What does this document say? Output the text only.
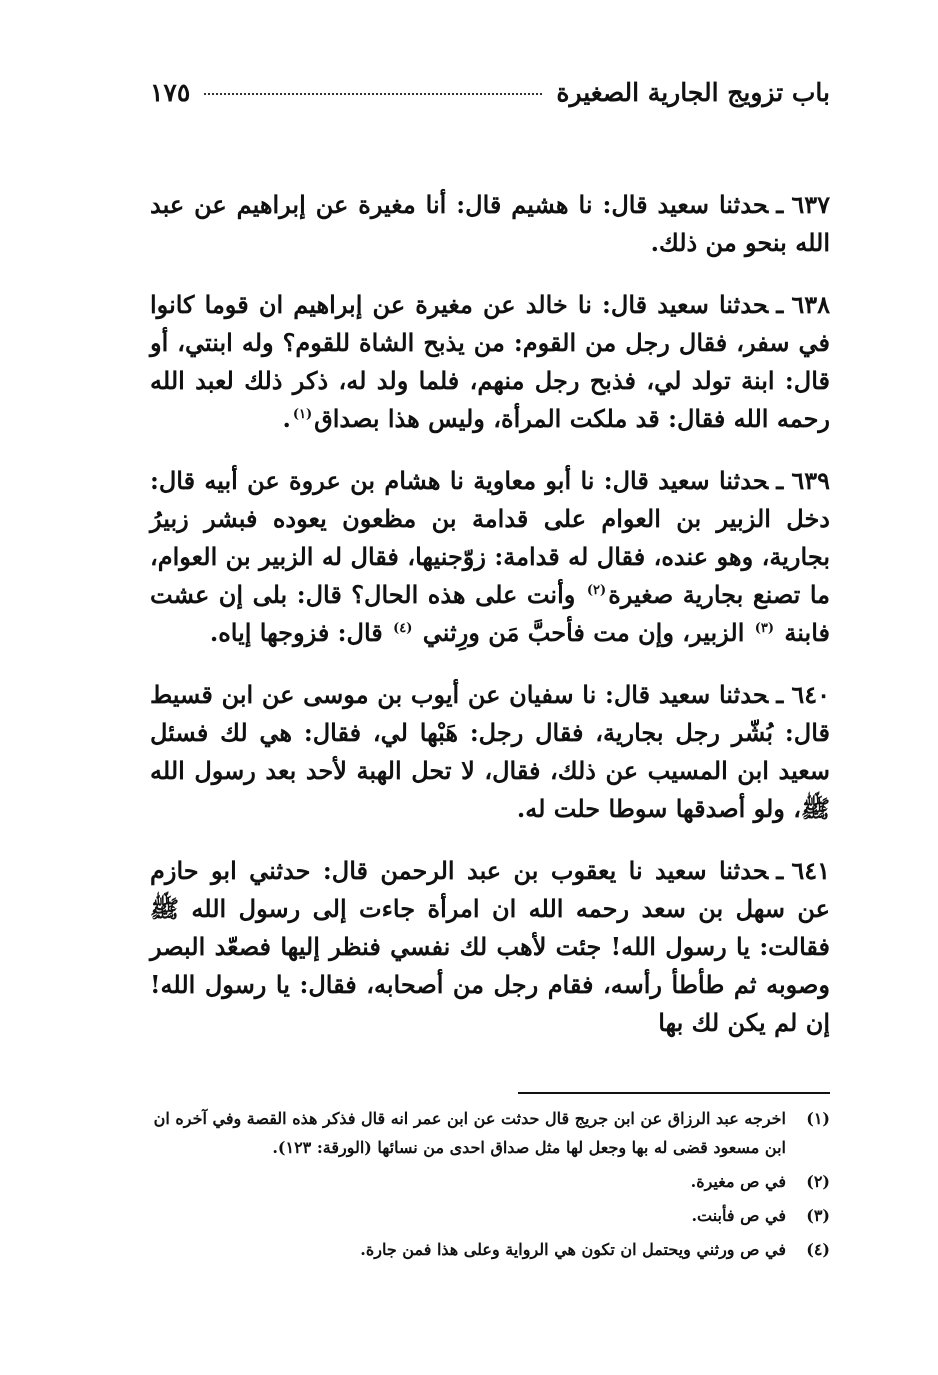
باب تزويج الجارية الصغيرة
١٧٥

٦٣٧ـحدثنا سعيد قال: نا هشيم قال: أنا مغيرة عن إبراهيم عن عبد الله بنحو من ذلك.

٦٣٨ـحدثنا سعيد قال: نا خالد عن مغيرة عن إبراهيم ان قوما كانوا في سفر، فقال رجل من القوم: من يذبح الشاة للقوم؟ وله ابنتي، أو قال: ابنة تولد لي، فذبح رجل منهم، فلما ولد له، ذكر ذلك لعبد الله رحمه الله فقال: قد ملكت المرأة، وليس هذا بصداق$^{(١)}$.

٦٣٩ـحدثنا سعيد قال: نا أبو معاوية نا هشام بن عروة عن أبيه قال: دخل الزبير بن العوام على قدامة بن مظعون يعوده فبشر زبيرُ بجارية، وهو عنده، فقال له قدامة: زوّجنيها، فقال له الزبير بن العوام، ما تصنع بجارية صغيرة$^{(٢)}$ وأنت على هذه الحال؟ قال: بلى إن عشت فابنة $^{(٣)}$ الزبير، وإن مت فأحبَّ مَن ورِثني $^{(٤)}$ قال: فزوجها إياه.

٦٤٠ـحدثنا سعيد قال: نا سفيان عن أيوب بن موسى عن ابن قسيط قال: بُشّر رجل بجارية، فقال رجل: هَبْها لي، فقال: هي لك فسئل سعيد ابن المسيب عن ذلك، فقال، لا تحل الهبة لأحد بعد رسول الله ﷺ، ولو أصدقها سوطا حلت له.

٦٤١ـحدثنا سعيد نا يعقوب بن عبد الرحمن قال: حدثني ابو حازم عن سهل بن سعد رحمه الله ان امرأة جاءت إلى رسول الله ﷺ فقالت: يا رسول الله! جئت لأهب لك نفسي فنظر إليها فصعّد البصر وصوبه ثم طأطأ رأسه، فقام رجل من أصحابه، فقال: يا رسول الله! إن لم يكن لك بها

(١)
اخرجه عبد الرزاق عن ابن جريج قال حدثت عن ابن عمر انه قال فذكر هذه القصة وفي آخره ان ابن مسعود قضى له بها وجعل لها مثل صداق احدى من نسائها (الورقة: ١٢٣).
(٢)
في ص مغيرة.
(٣)
في ص فأبنت.
(٤)
في ص ورثني ويحتمل ان تكون هي الرواية وعلى هذا فمن جارة.
